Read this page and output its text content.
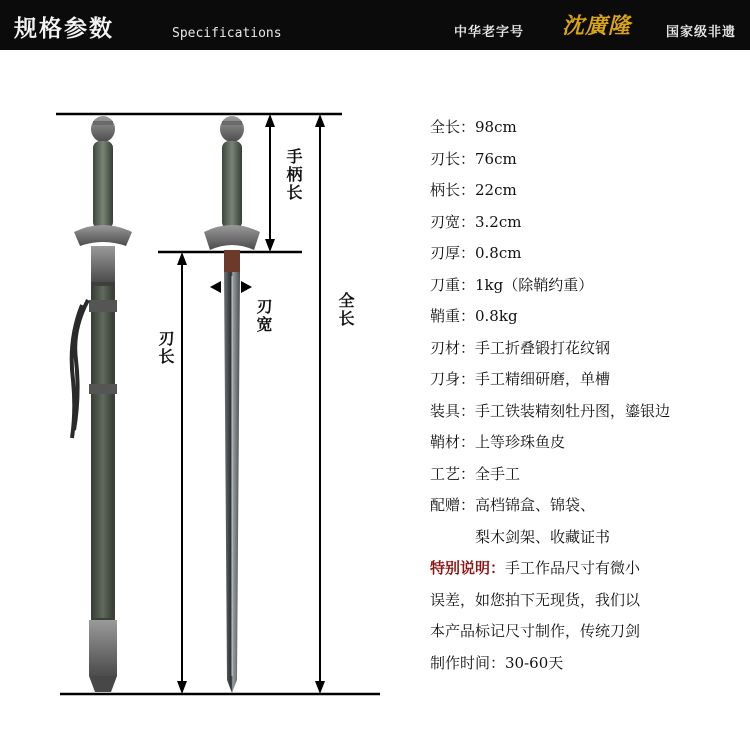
规格参数	Specifications	中华老字号 沈廣隆	国家级非遗
手柄长
全长
刃长
刃宽
全长：98cm
刃长：76cm
柄长：22cm
刃宽：3.2cm
刃厚：0.8cm
刀重：1kg（除鞘约重）
鞘重：0.8kg
刃材：手工折叠锻打花纹钢
刀身：手工精细研磨，单槽
装具：手工铁装精刻牡丹图，鎏银边
鞘材：上等珍珠鱼皮
工艺：全手工
配赠：高档锦盒、锦袋、
梨木剑架、收藏证书
特别说明：手工作品尺寸有微小
误差，如您拍下无现货，我们以
本产品标记尺寸制作，传统刀剑
制作时间：30-60天
